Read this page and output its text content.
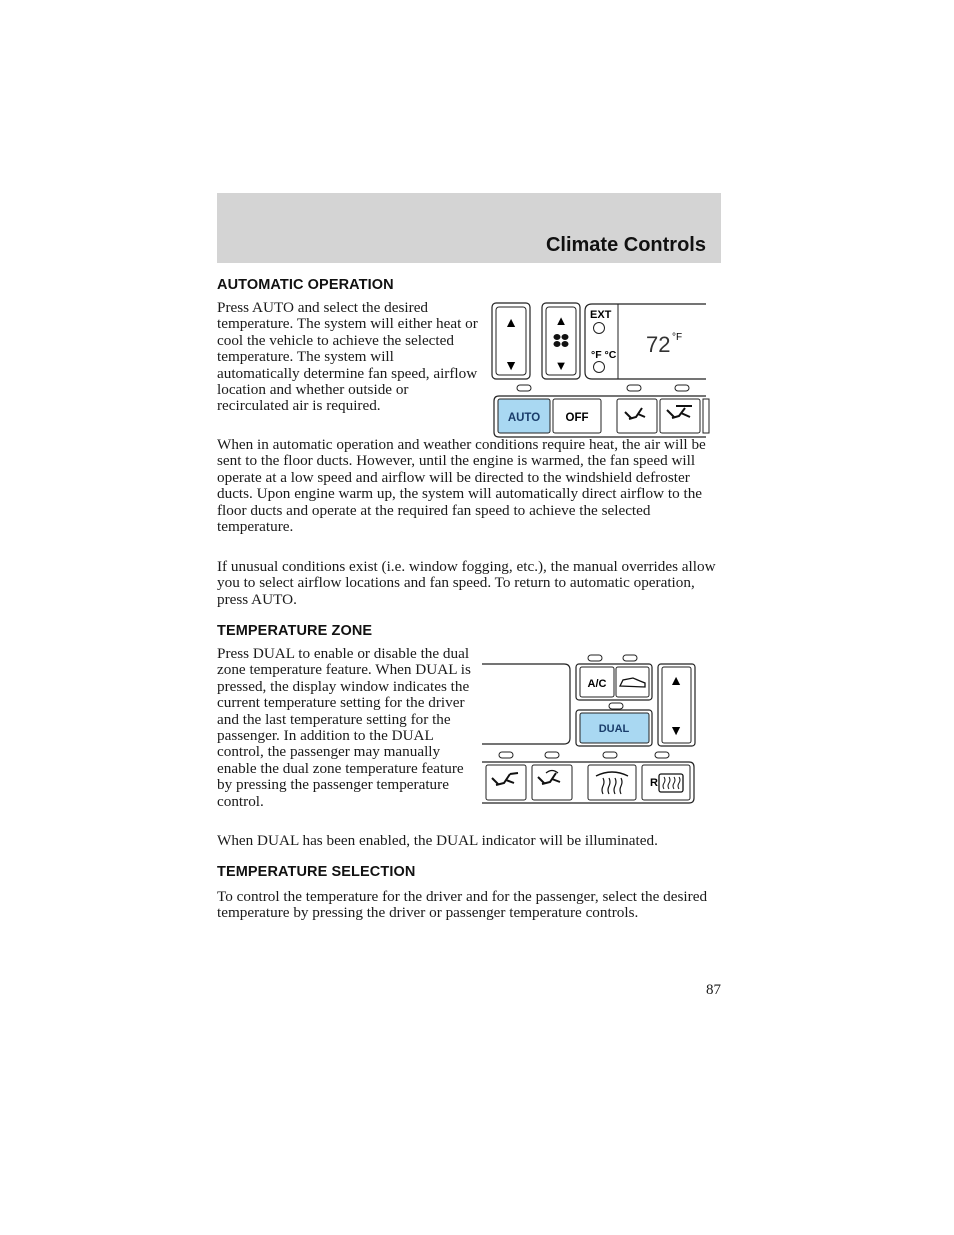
Climate Controls
AUTOMATIC OPERATION

Press AUTO and select the desired temperature. The system will either heat or cool the vehicle to achieve the selected temperature. The system will automatically determine fan speed, airflow location and whether outside or recirculated air is required.

▲
▼
▲
▼
EXT
°F °C 72 °F
AUTO OFF

When in automatic operation and weather conditions require heat, the air will be sent to the floor ducts. However, until the engine is warmed, the fan speed will operate at a low speed and airflow will be directed to the windshield defroster ducts. Upon engine warm up, the system will automatically direct airflow to the floor ducts and operate at the required fan speed to achieve the selected temperature.

If unusual conditions exist (i.e. window fogging, etc.), the manual overrides allow you to select airflow locations and fan speed. To return to automatic operation, press AUTO.

TEMPERATURE ZONE

Press DUAL to enable or disable the dual zone temperature feature. When DUAL is pressed, the display window indicates the current temperature setting for the driver and the last temperature setting for the passenger. In addition to the DUAL control, the passenger may manually enable the dual zone temperature feature by pressing the passenger temperature control.

A/C
DUAL
▲
▼
R

When DUAL has been enabled, the DUAL indicator will be illuminated.

TEMPERATURE SELECTION

To control the temperature for the driver and for the passenger, select the desired temperature by pressing the driver or passenger temperature controls.

87
